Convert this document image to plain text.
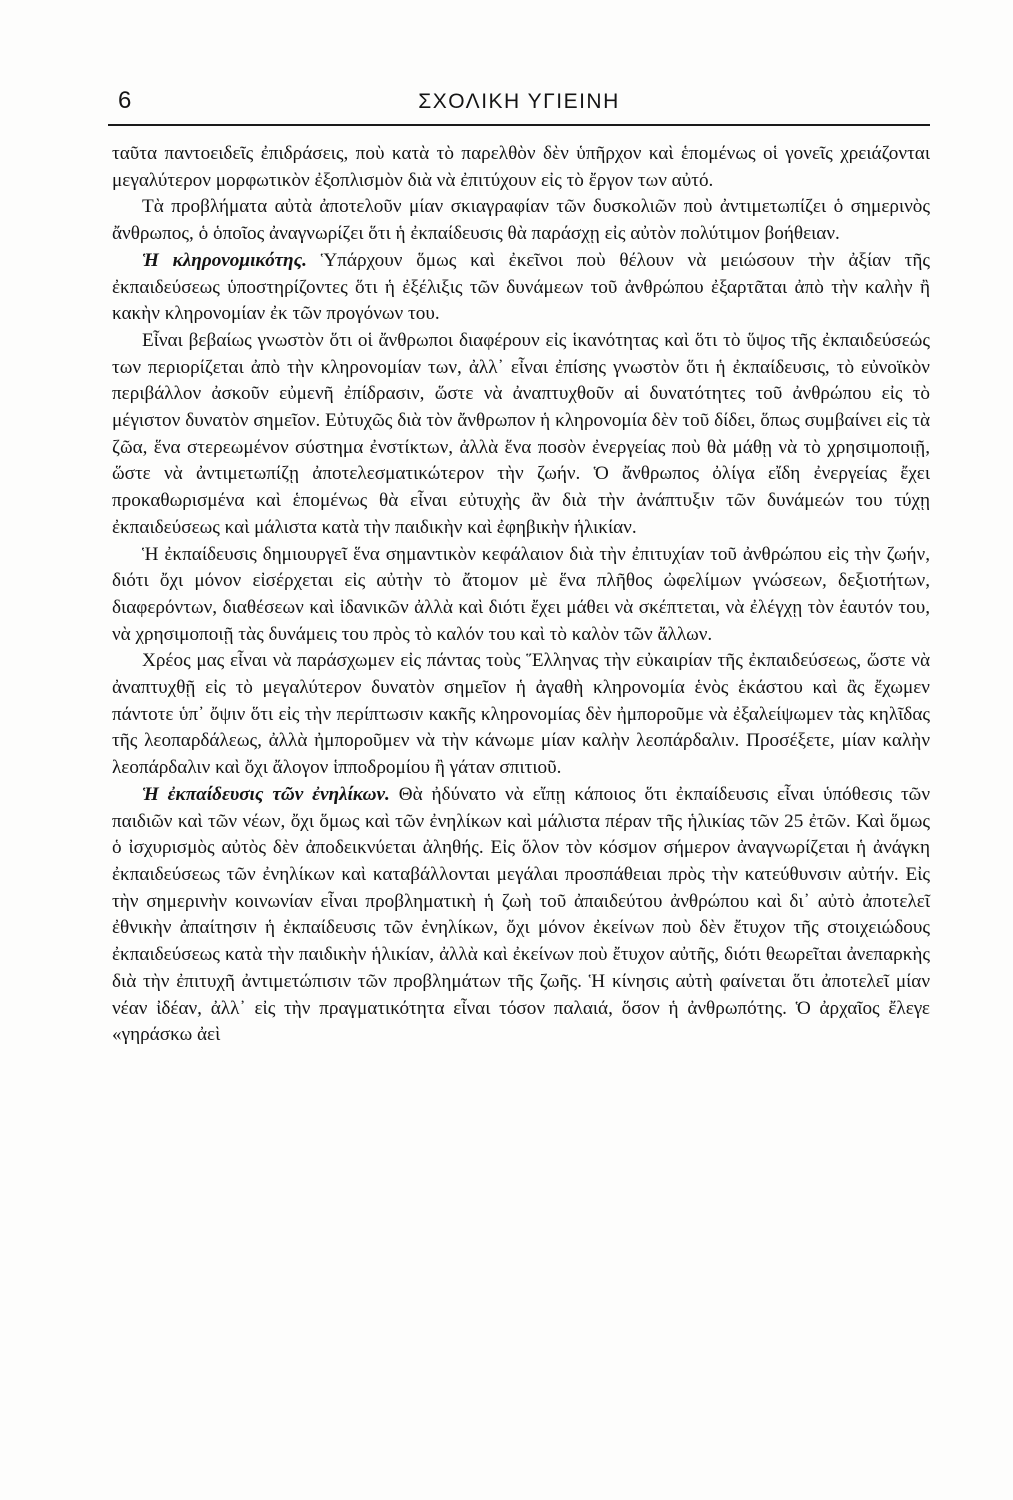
6	ΣΧΟΛΙΚΗ ΥΓΙΕΙΝΗ

ταῦτα παντοειδεῖς ἐπιδράσεις, ποὺ κατὰ τὸ παρελθὸν δὲν ὑπῆρχον καὶ ἑπομένως οἱ γονεῖς χρειάζονται μεγαλύτερον μορφωτικὸν ἐξοπλισμὸν διὰ νὰ ἐπιτύχουν εἰς τὸ ἔργον των αὐτό.

Τὰ προβλήματα αὐτὰ ἀποτελοῦν μίαν σκιαγραφίαν τῶν δυσκολιῶν ποὺ ἀντιμετωπίζει ὁ σημερινὸς ἄνθρωπος, ὁ ὁποῖος ἀναγνωρίζει ὅτι ἡ ἐκπαίδευσις θὰ παράσχῃ εἰς αὐτὸν πολύτιμον βοήθειαν.

Ἡ κληρονομικότης. Ὑπάρχουν ὅμως καὶ ἐκεῖνοι ποὺ θέλουν νὰ μειώσουν τὴν ἀξίαν τῆς ἐκπαιδεύσεως ὑποστηρίζοντες ὅτι ἡ ἐξέλιξις τῶν δυνάμεων τοῦ ἀνθρώπου ἐξαρτᾶται ἀπὸ τὴν καλὴν ἢ κακὴν κληρονομίαν ἐκ τῶν προγόνων του.

Εἶναι βεβαίως γνωστὸν ὅτι οἱ ἄνθρωποι διαφέρουν εἰς ἱκανότητας καὶ ὅτι τὸ ὕψος τῆς ἐκπαιδεύσεώς των περιορίζεται ἀπὸ τὴν κληρονομίαν των, ἀλλ᾽ εἶναι ἐπίσης γνωστὸν ὅτι ἡ ἐκπαίδευσις, τὸ εὐνοϊκὸν περιβάλλον ἀσκοῦν εὐμενῆ ἐπίδρασιν, ὥστε νὰ ἀναπτυχθοῦν αἱ δυνατότητες τοῦ ἀνθρώπου εἰς τὸ μέγιστον δυνατὸν σημεῖον. Εὐτυχῶς διὰ τὸν ἄνθρωπον ἡ κληρονομία δὲν τοῦ δίδει, ὅπως συμβαίνει εἰς τὰ ζῶα, ἕνα στερεωμένον σύστημα ἐνστίκτων, ἀλλὰ ἕνα ποσὸν ἐνεργείας ποὺ θὰ μάθῃ νὰ τὸ χρησιμοποιῇ, ὥστε νὰ ἀντιμετωπίζῃ ἀποτελεσματικώτερον τὴν ζωήν. Ὁ ἄνθρωπος ὀλίγα εἴδη ἐνεργείας ἔχει προκαθωρισμένα καὶ ἑπομένως θὰ εἶναι εὐτυχὴς ἂν διὰ τὴν ἀνάπτυξιν τῶν δυνάμεών του τύχῃ ἐκπαιδεύσεως καὶ μάλιστα κατὰ τὴν παιδικὴν καὶ ἐφηβικὴν ἡλικίαν.

Ἡ ἐκπαίδευσις δημιουργεῖ ἕνα σημαντικὸν κεφάλαιον διὰ τὴν ἐπιτυχίαν τοῦ ἀνθρώπου εἰς τὴν ζωήν, διότι ὄχι μόνον εἰσέρχεται εἰς αὐτὴν τὸ ἄτομον μὲ ἕνα πλῆθος ὠφελίμων γνώσεων, δεξιοτήτων, διαφερόντων, διαθέσεων καὶ ἰδανικῶν ἀλλὰ καὶ διότι ἔχει μάθει νὰ σκέπτεται, νὰ ἐλέγχῃ τὸν ἑαυτόν του, νὰ χρησιμοποιῇ τὰς δυνάμεις του πρὸς τὸ καλόν του καὶ τὸ καλὸν τῶν ἄλλων.

Χρέος μας εἶναι νὰ παράσχωμεν εἰς πάντας τοὺς Ἕλληνας τὴν εὐκαιρίαν τῆς ἐκπαιδεύσεως, ὥστε νὰ ἀναπτυχθῇ εἰς τὸ μεγαλύτερον δυνατὸν σημεῖον ἡ ἀγαθὴ κληρονομία ἑνὸς ἑκάστου καὶ ἂς ἔχωμεν πάντοτε ὑπ᾽ ὄψιν ὅτι εἰς τὴν περίπτωσιν κακῆς κληρονομίας δὲν ἠμποροῦμε νὰ ἐξαλείψωμεν τὰς κηλῖδας τῆς λεοπαρδάλεως, ἀλλὰ ἠμποροῦμεν νὰ τὴν κάνωμε μίαν καλὴν λεοπάρδαλιν. Προσέξετε, μίαν καλὴν λεοπάρδαλιν καὶ ὄχι ἄλογον ἱπποδρομίου ἢ γάταν σπιτιοῦ.

Ἡ ἐκπαίδευσις τῶν ἐνηλίκων. Θὰ ἠδύνατο νὰ εἴπῃ κάποιος ὅτι ἐκπαίδευσις εἶναι ὑπόθεσις τῶν παιδιῶν καὶ τῶν νέων, ὄχι ὅμως καὶ τῶν ἐνηλίκων καὶ μάλιστα πέραν τῆς ἡλικίας τῶν 25 ἐτῶν. Καὶ ὅμως ὁ ἰσχυρισμὸς αὐτὸς δὲν ἀποδεικνύεται ἀληθής. Εἰς ὅλον τὸν κόσμον σήμερον ἀναγνωρίζεται ἡ ἀνάγκη ἐκπαιδεύσεως τῶν ἐνηλίκων καὶ καταβάλλονται μεγάλαι προσπάθειαι πρὸς τὴν κατεύθυνσιν αὐτήν. Εἰς τὴν σημερινὴν κοινωνίαν εἶναι προβληματικὴ ἡ ζωὴ τοῦ ἀπαιδεύτου ἀνθρώπου καὶ δι᾽ αὐτὸ ἀποτελεῖ ἐθνικὴν ἀπαίτησιν ἡ ἐκπαίδευσις τῶν ἐνηλίκων, ὄχι μόνον ἐκείνων ποὺ δὲν ἔτυχον τῆς στοιχειώδους ἐκπαιδεύσεως κατὰ τὴν παιδικὴν ἡλικίαν, ἀλλὰ καὶ ἐκείνων ποὺ ἔτυχον αὐτῆς, διότι θεωρεῖται ἀνεπαρκὴς διὰ τὴν ἐπιτυχῆ ἀντιμετώπισιν τῶν προβλημάτων τῆς ζωῆς. Ἡ κίνησις αὐτὴ φαίνεται ὅτι ἀποτελεῖ μίαν νέαν ἰδέαν, ἀλλ᾽ εἰς τὴν πραγματικότητα εἶναι τόσον παλαιά, ὅσον ἡ ἀνθρωπότης. Ὁ ἀρχαῖος ἔλεγε «γηράσκω ἀεὶ
